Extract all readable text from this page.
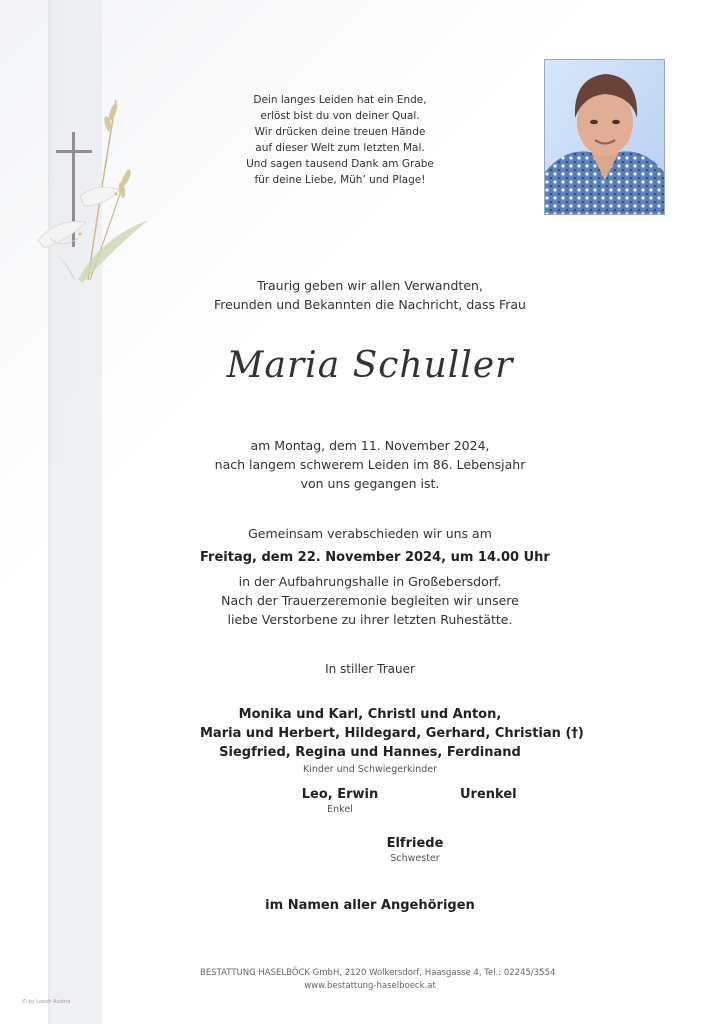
Dein langes Leiden hat ein Ende,
erlöst bist du von deiner Qual.
Wir drücken deine treuen Hände
auf dieser Welt zum letzten Mal.
Und sagen tausend Dank am Grabe
für deine Liebe, Müh’ und Plage!
Traurig geben wir allen Verwandten,
Freunden und Bekannten die Nachricht, dass Frau
Maria Schuller
am Montag, dem 11. November 2024,
nach langem schwerem Leiden im 86. Lebensjahr
von uns gegangen ist.
Gemeinsam verabschieden wir uns am
Freitag, dem 22. November 2024, um 14.00 Uhr
in der Aufbahrungshalle in Großebersdorf.
Nach der Trauerzeremonie begleiten wir unsere
liebe Verstorbene zu ihrer letzten Ruhestätte.
In stiller Trauer
Monika und Karl, Christl und Anton,
Maria und Herbert, Hildegard, Gerhard, Christian (†)
Siegfried, Regina und Hannes, Ferdinand
Kinder und Schwiegerkinder
Leo, Erwin
Enkel
Urenkel
Elfriede
Schwester
im Namen aller Angehörigen
BESTATTUNG HASELBÖCK GmbH, 2120 Wolkersdorf, Haasgasse 4, Tel.: 02245/3554
www.bestattung-haselboeck.at
© by Loeoh Austria
